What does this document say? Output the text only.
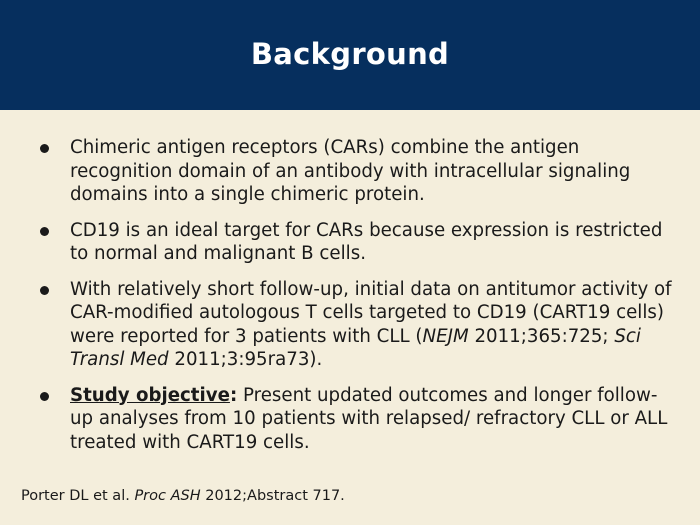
Background
Chimeric antigen receptors (CARs) combine the antigen recognition domain of an antibody with intracellular signaling domains into a single chimeric protein.
CD19 is an ideal target for CARs because expression is restricted to normal and malignant B cells.
With relatively short follow-up, initial data on antitumor activity of CAR-modified autologous T cells targeted to CD19 (CART19 cells) were reported for 3 patients with CLL (NEJM 2011;365:725; Sci Transl Med 2011;3:95ra73).
Study objective: Present updated outcomes and longer follow-up analyses from 10 patients with relapsed/ refractory CLL or ALL treated with CART19 cells.
Porter DL et al. Proc ASH 2012;Abstract 717.
